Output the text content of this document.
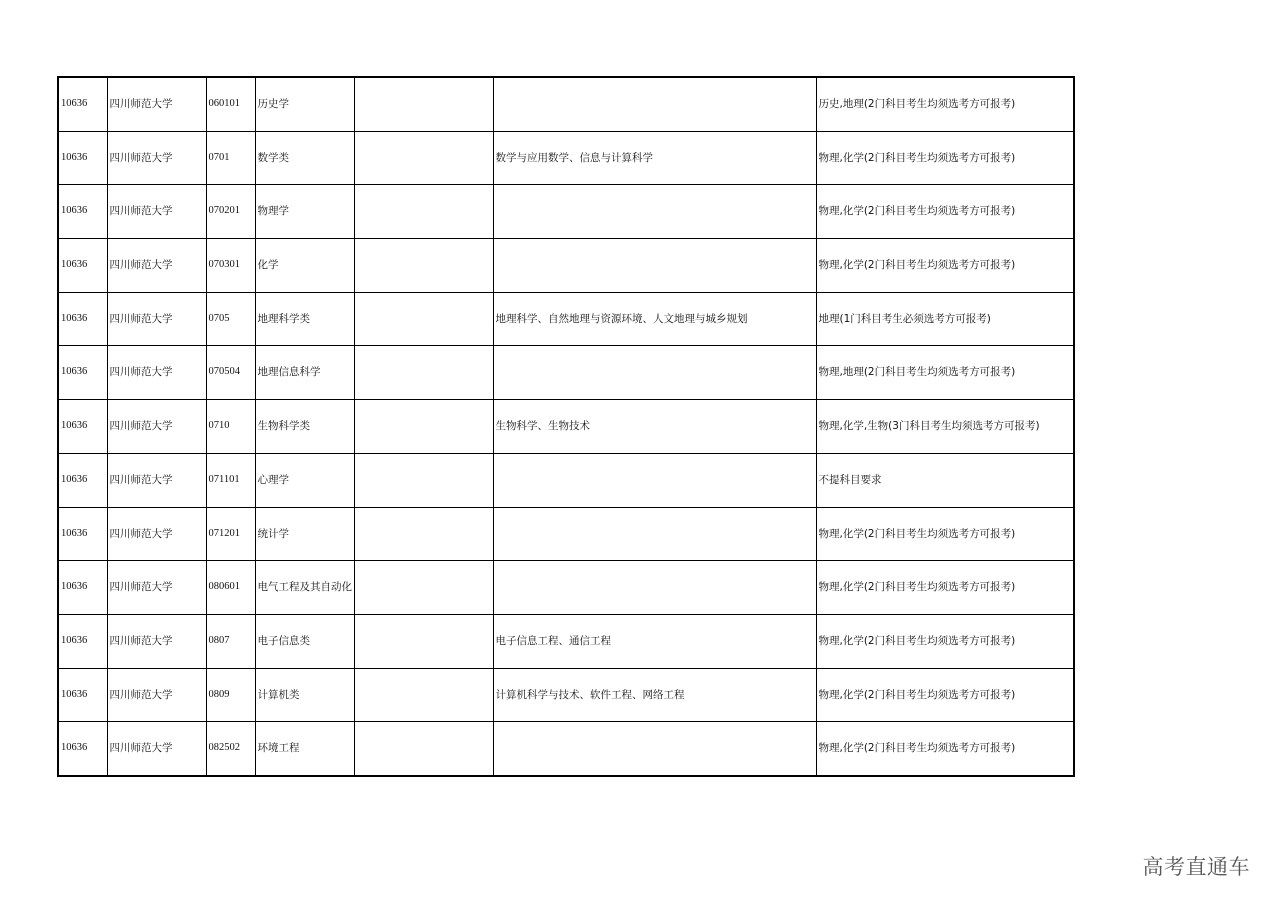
10636	四川师范大学	060101	历史学			历史,地理(2门科目考生均须选考方可报考)
10636	四川师范大学	0701	数学类		数学与应用数学、信息与计算科学	物理,化学(2门科目考生均须选考方可报考)
10636	四川师范大学	070201	物理学			物理,化学(2门科目考生均须选考方可报考)
10636	四川师范大学	070301	化学			物理,化学(2门科目考生均须选考方可报考)
10636	四川师范大学	0705	地理科学类		地理科学、自然地理与资源环境、人文地理与城乡规划	地理(1门科目考生必须选考方可报考)
10636	四川师范大学	070504	地理信息科学			物理,地理(2门科目考生均须选考方可报考)
10636	四川师范大学	0710	生物科学类		生物科学、生物技术	物理,化学,生物(3门科目考生均须选考方可报考)
10636	四川师范大学	071101	心理学			不提科目要求
10636	四川师范大学	071201	统计学			物理,化学(2门科目考生均须选考方可报考)
10636	四川师范大学	080601	电气工程及其自动化			物理,化学(2门科目考生均须选考方可报考)
10636	四川师范大学	0807	电子信息类		电子信息工程、通信工程	物理,化学(2门科目考生均须选考方可报考)
10636	四川师范大学	0809	计算机类		计算机科学与技术、软件工程、网络工程	物理,化学(2门科目考生均须选考方可报考)
10636	四川师范大学	082502	环境工程			物理,化学(2门科目考生均须选考方可报考)
高考直通车
